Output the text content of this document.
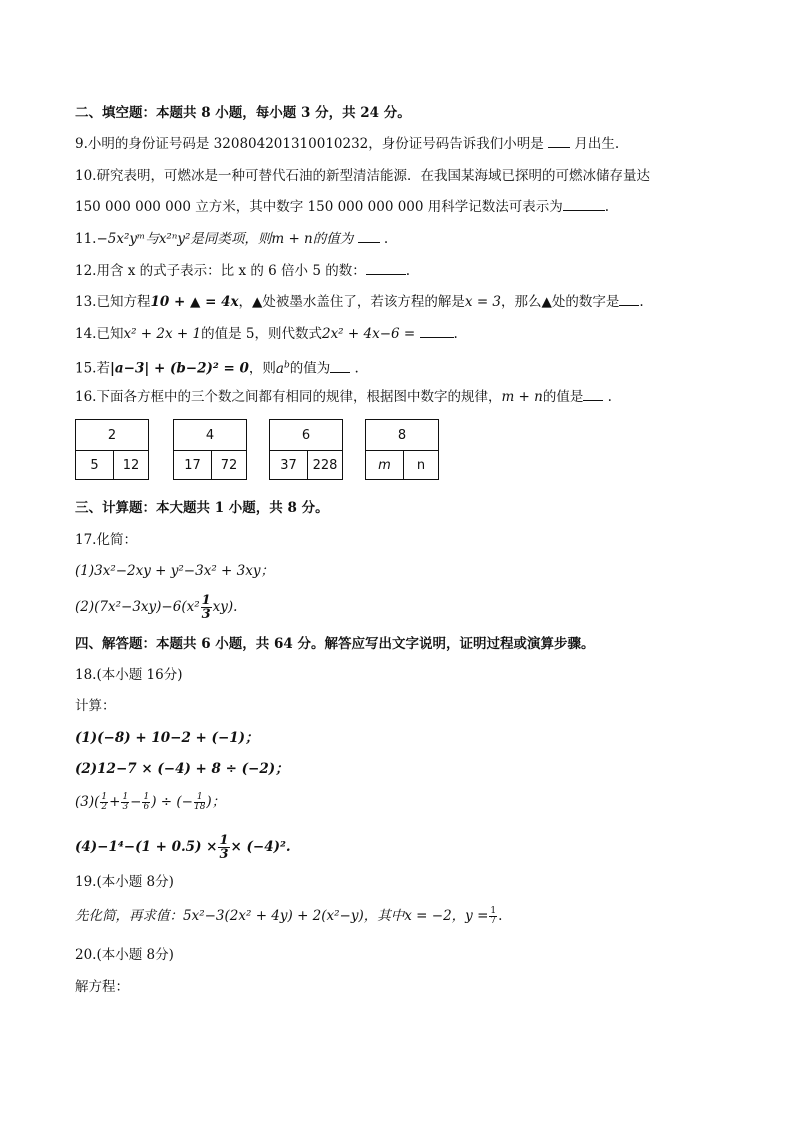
二、填空题：本题共 8 小题，每小题 3 分，共 24 分。
9.小明的身份证号码是 320804201310010232，身份证号码告诉我们小明是 月出生.
10.研究表明，可燃冰是一种可替代石油的新型清洁能源．在我国某海域已探明的可燃冰储存量达
150 000 000 000 立方米，其中数字 150 000 000 000 用科学记数法可表示为	.
11.−5x²yᵐ与x²ⁿy²是同类项，则m + n的值为  .
12.用含 x 的式子表示：比 x 的 6 倍小 5 的数：	.
13.已知方程10 + ▲ = 4x，▲处被墨水盖住了，若该方程的解是x = 3，那么▲处的数字是 .
14.已知x² + 2x + 1的值是 5，则代数式2x² + 4x−6 =	.
15.若|a−3| + (b−2)² = 0，则$a^b$的值为 .
16.下面各方框中的三个数之间都有相同的规律，根据图中数字的规律，m + n的值是 .
2
5	12
4
17	72
6
37	228
8
m	n
三、计算题：本大题共 1 小题，共 8 分。
17.化简：
(1)3x²−2xy + y²−3x² + 3xy；
$(2)(7x^2-3xy)-6(x^2 \frac{1}{3} xy)$.
四、解答题：本题共 6 小题，共 64 分。解答应写出文字说明，证明过程或演算步骤。
18.(本小题 16分)
计算：
(1)(−8) + 10−2 + (−1)；
(2)12−7 × (−4) + 8 ÷ (−2)；
$(3)( \frac{1}{2} + \frac{1}{3} - \frac{1}{6}$ ) ÷ (− $\frac{1}{18}$ )；
$(4)-1^4-(1 + 0.5) \times \frac{1}{3} \times (-4)^2$.
19.(本小题 8分)
先化简，再求值：5x²−3(2x² + 4y) + 2(x²−y)，其中x = −2，$y = \frac{1}{7}$ .
20.(本小题 8分)
解方程：
